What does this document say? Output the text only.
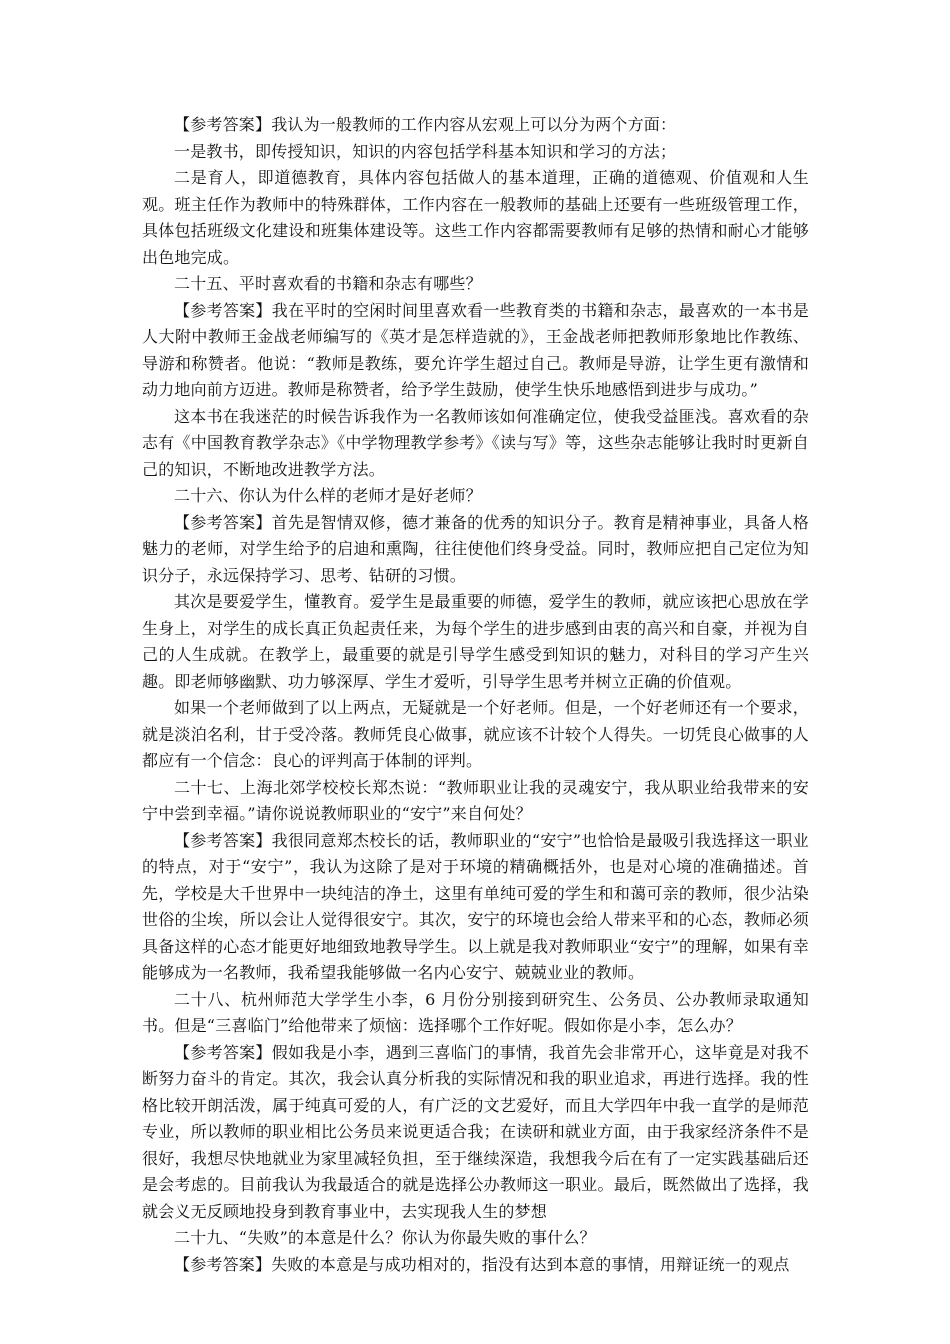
【参考答案】我认为一般教师的工作内容从宏观上可以分为两个方面：

一是教书，即传授知识，知识的内容包括学科基本知识和学习的方法；

二是育人，即道德教育，具体内容包括做人的基本道理，正确的道德观、价值观和人生观。班主任作为教师中的特殊群体，工作内容在一般教师的基础上还要有一些班级管理工作，具体包括班级文化建设和班集体建设等。这些工作内容都需要教师有足够的热情和耐心才能够出色地完成。

二十五、平时喜欢看的书籍和杂志有哪些？

【参考答案】我在平时的空闲时间里喜欢看一些教育类的书籍和杂志，最喜欢的一本书是人大附中教师王金战老师编写的《英才是怎样造就的》，王金战老师把教师形象地比作教练、导游和称赞者。他说：“教师是教练，要允许学生超过自己。教师是导游，让学生更有激情和动力地向前方迈进。教师是称赞者，给予学生鼓励，使学生快乐地感悟到进步与成功。”

这本书在我迷茫的时候告诉我作为一名教师该如何准确定位，使我受益匪浅。喜欢看的杂志有《中国教育教学杂志》《中学物理教学参考》《读与写》等，这些杂志能够让我时时更新自己的知识，不断地改进教学方法。

二十六、你认为什么样的老师才是好老师？

【参考答案】首先是智情双修，德才兼备的优秀的知识分子。教育是精神事业，具备人格魅力的老师，对学生给予的启迪和熏陶，往往使他们终身受益。同时，教师应把自己定位为知识分子，永远保持学习、思考、钻研的习惯。

其次是要爱学生，懂教育。爱学生是最重要的师德，爱学生的教师，就应该把心思放在学生身上，对学生的成长真正负起责任来，为每个学生的进步感到由衷的高兴和自豪，并视为自己的人生成就。在教学上，最重要的就是引导学生感受到知识的魅力，对科目的学习产生兴趣。即老师够幽默、功力够深厚、学生才爱听，引导学生思考并树立正确的价值观。

如果一个老师做到了以上两点，无疑就是一个好老师。但是，一个好老师还有一个要求，就是淡泊名利，甘于受冷落。教师凭良心做事，就应该不计较个人得失。一切凭良心做事的人都应有一个信念：良心的评判高于体制的评判。

二十七、上海北郊学校校长郑杰说：“教师职业让我的灵魂安宁，我从职业给我带来的安宁中尝到幸福。”请你说说教师职业的“安宁”来自何处？

【参考答案】我很同意郑杰校长的话，教师职业的“安宁”也恰恰是最吸引我选择这一职业的特点，对于“安宁”，我认为这除了是对于环境的精确概括外，也是对心境的准确描述。首先，学校是大千世界中一块纯洁的净土，这里有单纯可爱的学生和和蔼可亲的教师，很少沾染世俗的尘埃，所以会让人觉得很安宁。其次，安宁的环境也会给人带来平和的心态，教师必须具备这样的心态才能更好地细致地教导学生。以上就是我对教师职业“安宁”的理解，如果有幸能够成为一名教师，我希望我能够做一名内心安宁、兢兢业业的教师。

二十八、杭州师范大学学生小李，6 月份分别接到研究生、公务员、公办教师录取通知书。但是“三喜临门”给他带来了烦恼：选择哪个工作好呢。假如你是小李，怎么办？

【参考答案】假如我是小李，遇到三喜临门的事情，我首先会非常开心，这毕竟是对我不断努力奋斗的肯定。其次，我会认真分析我的实际情况和我的职业追求，再进行选择。我的性格比较开朗活泼，属于纯真可爱的人，有广泛的文艺爱好，而且大学四年中我一直学的是师范专业，所以教师的职业相比公务员来说更适合我；在读研和就业方面，由于我家经济条件不是很好，我想尽快地就业为家里减轻负担，至于继续深造，我想我今后在有了一定实践基础后还是会考虑的。目前我认为我最适合的就是选择公办教师这一职业。最后，既然做出了选择，我就会义无反顾地投身到教育事业中，去实现我人生的梦想

二十九、“失败”的本意是什么？你认为你最失败的事什么？

【参考答案】失败的本意是与成功相对的，指没有达到本意的事情，用辩证统一的观点
